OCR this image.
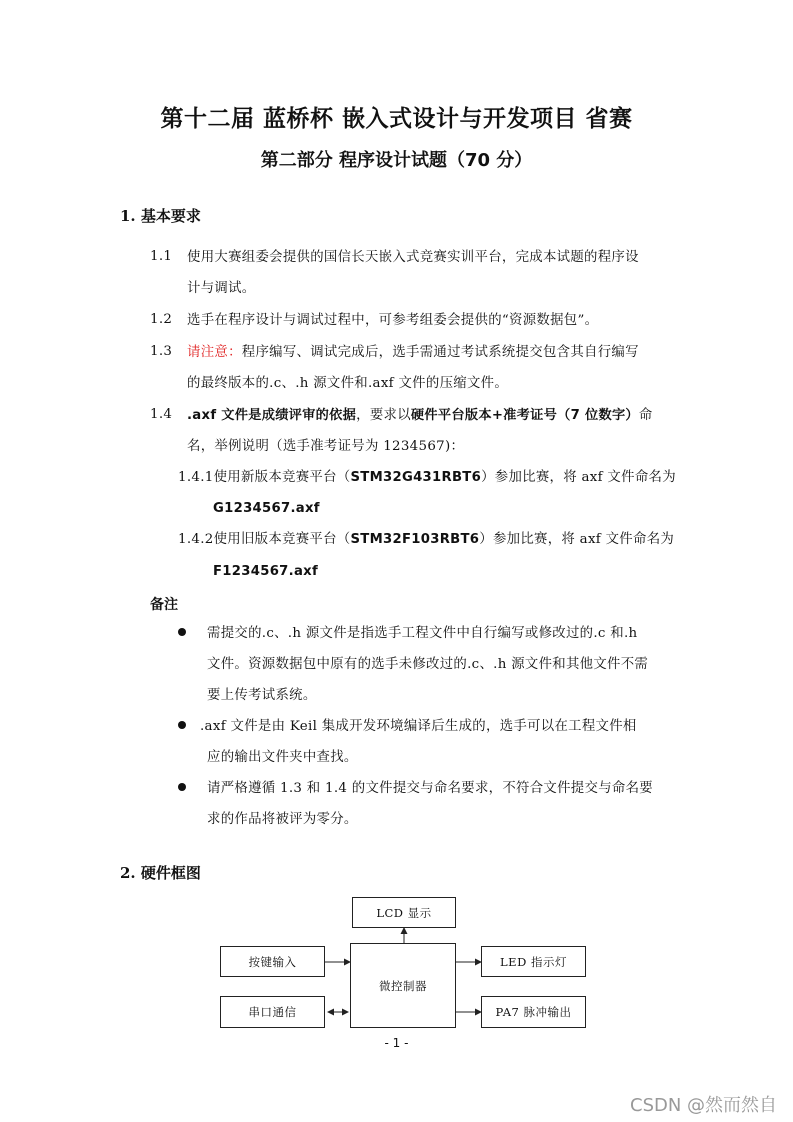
第十二届 蓝桥杯 嵌入式设计与开发项目 省赛
第二部分 程序设计试题（70 分）
1. 基本要求
1.1 使用大赛组委会提供的国信长天嵌入式竞赛实训平台，完成本试题的程序设
计与调试。
1.2 选手在程序设计与调试过程中，可参考组委会提供的“资源数据包”。
1.3 请注意：程序编写、调试完成后，选手需通过考试系统提交包含其自行编写
的最终版本的.c、.h 源文件和.axf 文件的压缩文件。
1.4 .axf 文件是成绩评审的依据，要求以硬件平台版本+准考证号（7 位数字）命
名，举例说明（选手准考证号为 1234567)：
1.4.1使用新版本竞赛平台（STM32G431RBT6）参加比赛，将 axf 文件命名为
G1234567.axf
1.4.2使用旧版本竞赛平台（STM32F103RBT6）参加比赛，将 axf 文件命名为
F1234567.axf
备注
需提交的.c、.h 源文件是指选手工程文件中自行编写或修改过的.c 和.h
文件。资源数据包中原有的选手未修改过的.c、.h 源文件和其他文件不需
要上传考试系统。
.axf 文件是由 Keil 集成开发环境编译后生成的，选手可以在工程文件相
应的输出文件夹中查找。
请严格遵循 1.3 和 1.4 的文件提交与命名要求，不符合文件提交与命名要
求的作品将被评为零分。
2. 硬件框图
LCD 显示
按键输入
微控制器
LED 指示灯
串口通信	PA7 脉冲输出
- 1 -
CSDN @然而然自
